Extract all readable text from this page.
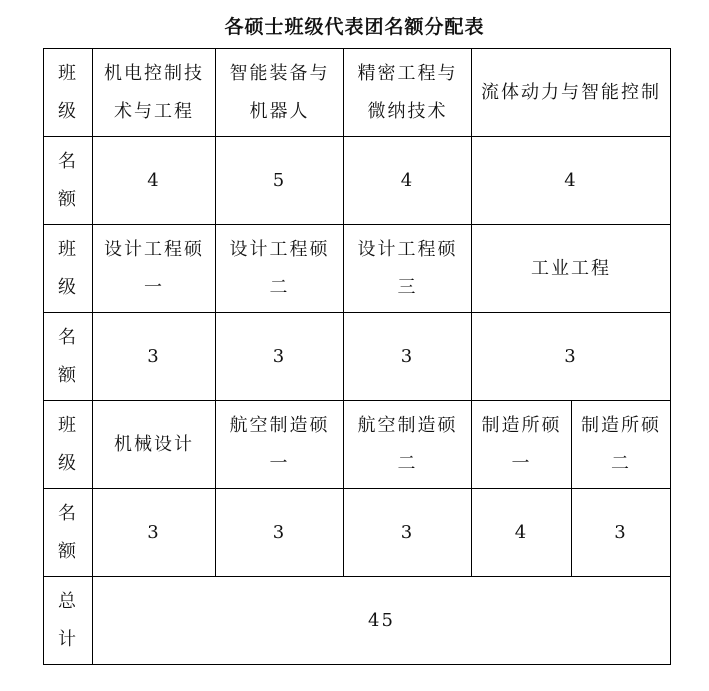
各硕士班级代表团名额分配表
班
级	机电控制技术与工程	智能装备与机器人	精密工程与微纳技术	流体动力与智能控制	

名
额	4	5	4	4	

班
级	设计工程硕一	设计工程硕二	设计工程硕三	工业工程	

名
额	3	3	3	3	

班
级	机械设计	航空制造硕一	航空制造硕二	制造所硕一	制造所硕二

名
额	3	3	3	4	3

总
计	45				
